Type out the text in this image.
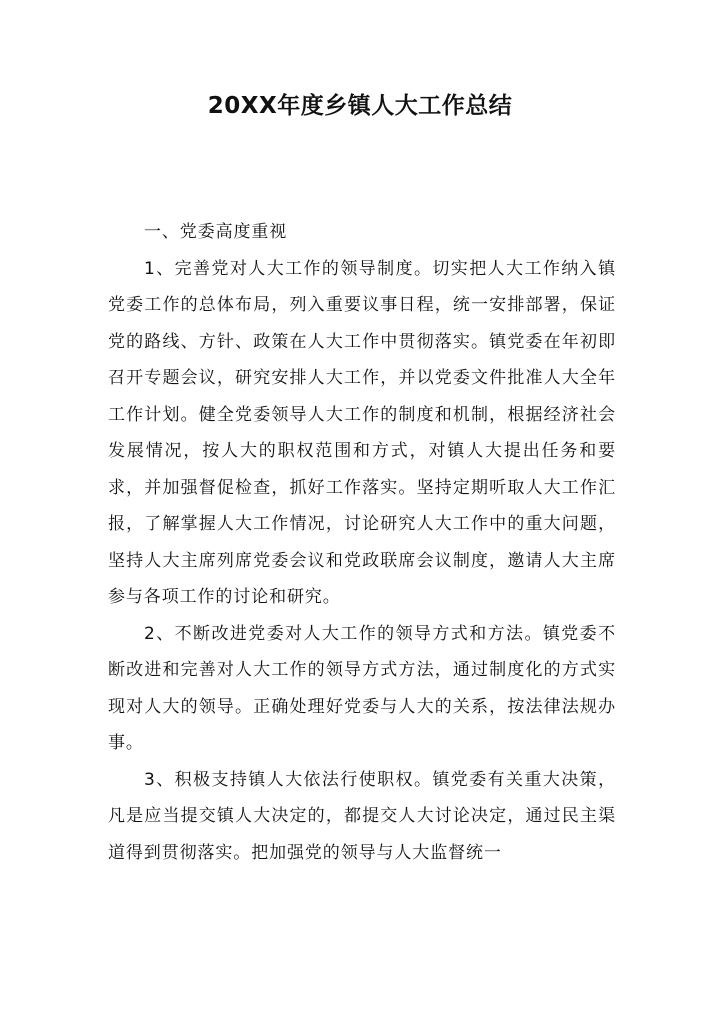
20XX年度乡镇人大工作总结

一、党委高度重视

1、完善党对人大工作的领导制度。切实把人大工作纳入镇党委工作的总体布局，列入重要议事日程，统一安排部署，保证党的路线、方针、政策在人大工作中贯彻落实。镇党委在年初即召开专题会议，研究安排人大工作，并以党委文件批准人大全年工作计划。健全党委领导人大工作的制度和机制，根据经济社会发展情况，按人大的职权范围和方式，对镇人大提出任务和要求，并加强督促检查，抓好工作落实。坚持定期听取人大工作汇报，了解掌握人大工作情况，讨论研究人大工作中的重大问题，坚持人大主席列席党委会议和党政联席会议制度，邀请人大主席参与各项工作的讨论和研究。

2、不断改进党委对人大工作的领导方式和方法。镇党委不断改进和完善对人大工作的领导方式方法，通过制度化的方式实现对人大的领导。正确处理好党委与人大的关系，按法律法规办事。

3、积极支持镇人大依法行使职权。镇党委有关重大决策，凡是应当提交镇人大决定的，都提交人大讨论决定，通过民主渠道得到贯彻落实。把加强党的领导与人大监督统一
